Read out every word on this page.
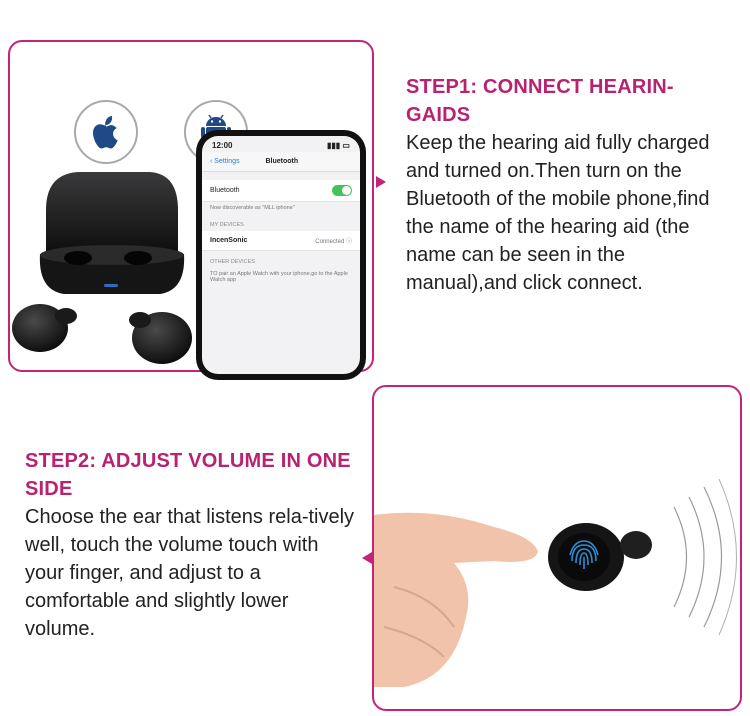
12:00	▮▮▮ ▭
‹ Settings	Bluetooth
Bluetooth
Now discoverable as "MLL iphone"
MY DEVICES
IncenSonic	Connected ⓘ
OTHER DEVICES
TO pair an Apple Watch with your iphone,go to the Apple Watch app
STEP1: CONNECT HEARIN-GAIDS
Keep the hearing aid fully charged and turned on.Then turn on the Bluetooth of the mobile phone,find the name of the hearing aid (the name can be seen in the manual),and click connect.
STEP2: ADJUST VOLUME IN ONE SIDE
Choose the ear that listens rela-tively well, touch the volume touch with your finger, and adjust to a comfortable and slightly lower volume.
